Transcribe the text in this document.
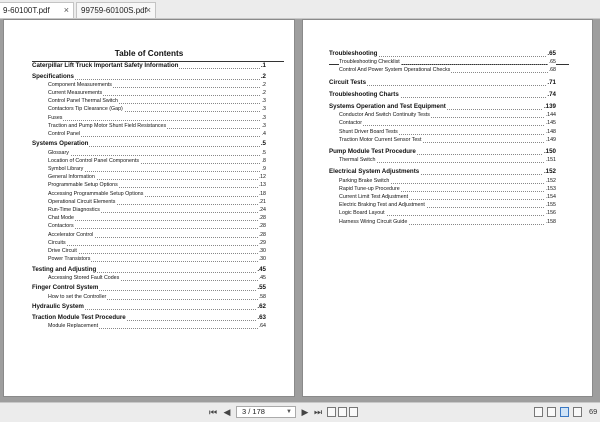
9-60100T.pdf ×	99759-60100S.pdf
×
Table of Contents
Caterpillar Lift Truck Important Safety Information	.1
Specifications	.2
Component Measurements	.2
Current Measurements	.2
Control Panel Thermal Switch	.3
Contactors Tip Clearance (Gap)	.3
Fuses	.3
Traction and Pump Motor Shunt Field Resistances	.3
Control Panel	.4
Systems Operation	.5
Glossary	.5
Location of Control Panel Components	.8
Symbol Library	.9
General Information	.12
Programmable Setup Options	.13
Accessing Programmable Setup Options	.18
Operational Circuit Elements	.21
Run-Time Diagnostics	.24
Chat Mode	.28
Contactors	.28
Accelerator Control	.28
Circuits	.29
Drive Circuit	.30
Power Transistors	.30
Testing and Adjusting	.45
Accessing Stored Fault Codes	.45
Finger Control System	.55
How to set the Controller	.58
Hydraulic System	.62
Traction Module Test Procedure	.63
Module Replacement	.64
Troubleshooting	.65
Troubleshooting Checklist	.65
Control And Power System Operational Checks	.68
Circuit Tests	.71
Troubleshooting Charts	.74
Systems Operation and Test Equipment	.139
Conductor And Switch Continuity Tests	.144
Contactor	.145
Shunt Driver Board Tests	.148
Traction Motor Current Sensor Test	.149
Pump Module Test Procedure	.150
Thermal Switch	.151
Electrical System Adjustments	.152
Parking Brake Switch	.152
Rapid Tune-up Procedure	.153
Current Limit Test Adjustment	.154
Electric Braking Test and Adjustment	.155
Logic Board Layout	.156
Harness Wiring Circuit Guide	.158
⏮ ◀	3 / 178	▼ ▶ ⏭	69
